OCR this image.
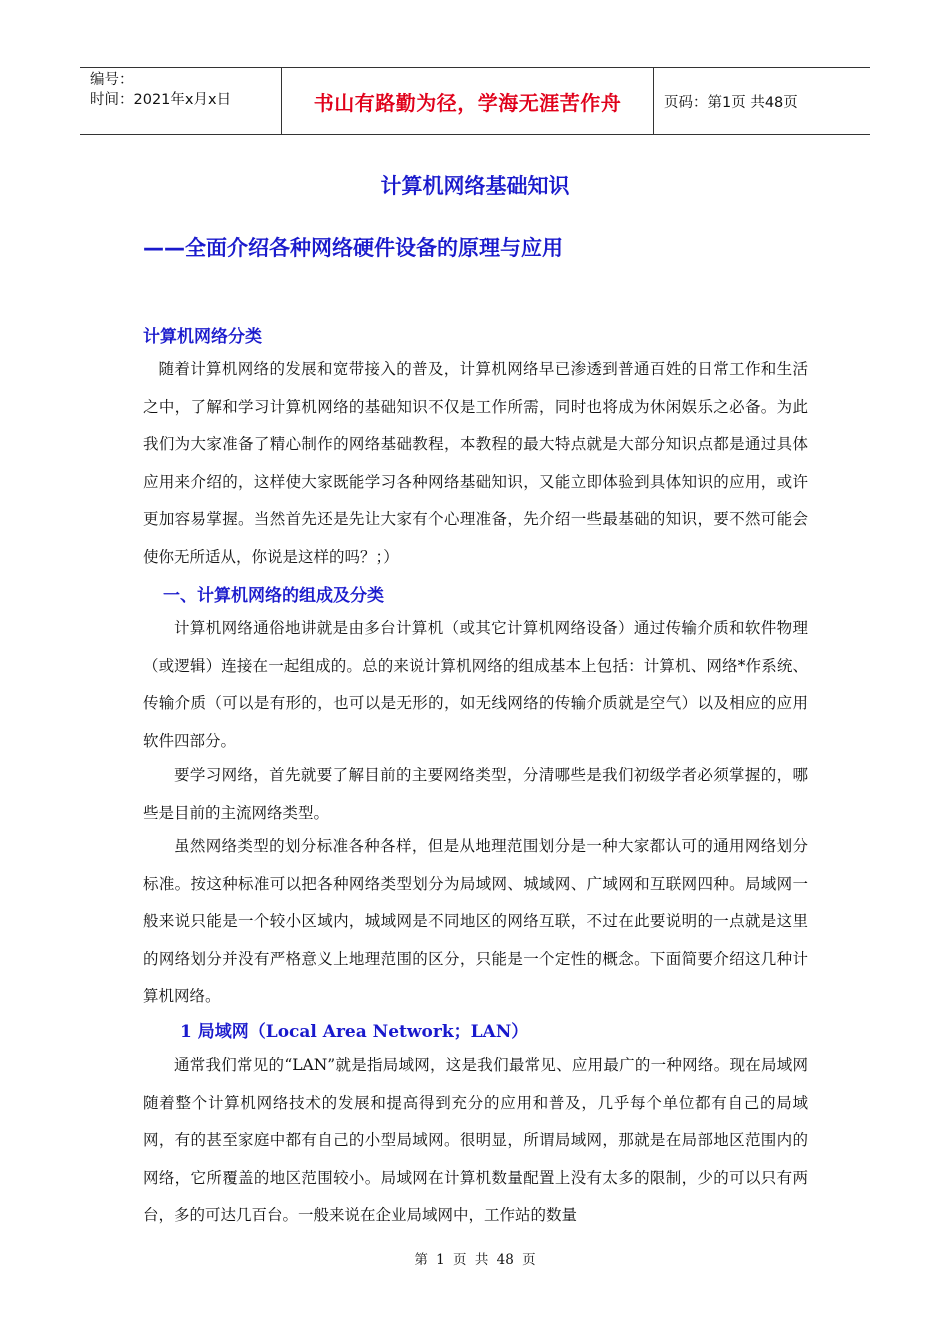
编号：
时间：2021年x月x日	书山有路勤为径，学海无涯苦作舟	页码：第1页 共48页
计算机网络基础知识
——全面介绍各种网络硬件设备的原理与应用
计算机网络分类

随着计算机网络的发展和宽带接入的普及，计算机网络早已渗透到普通百姓的日常工作和生活之中，了解和学习计算机网络的基础知识不仅是工作所需，同时也将成为休闲娱乐之必备。为此我们为大家准备了精心制作的网络基础教程，本教程的最大特点就是大部分知识点都是通过具体应用来介绍的，这样使大家既能学习各种网络基础知识，又能立即体验到具体知识的应用，或许更加容易掌握。当然首先还是先让大家有个心理准备，先介绍一些最基础的知识，要不然可能会使你无所适从，你说是这样的吗？；）

一、计算机网络的组成及分类

计算机网络通俗地讲就是由多台计算机（或其它计算机网络设备）通过传输介质和软件物理（或逻辑）连接在一起组成的。总的来说计算机网络的组成基本上包括：计算机、网络*作系统、传输介质（可以是有形的，也可以是无形的，如无线网络的传输介质就是空气）以及相应的应用软件四部分。

要学习网络，首先就要了解目前的主要网络类型，分清哪些是我们初级学者必须掌握的，哪些是目前的主流网络类型。

虽然网络类型的划分标准各种各样，但是从地理范围划分是一种大家都认可的通用网络划分标准。按这种标准可以把各种网络类型划分为局域网、城域网、广域网和互联网四种。局域网一般来说只能是一个较小区域内，城域网是不同地区的网络互联，不过在此要说明的一点就是这里的网络划分并没有严格意义上地理范围的区分，只能是一个定性的概念。下面简要介绍这几种计算机网络。

1 局域网（Local Area Network；LAN）

通常我们常见的“LAN”就是指局域网，这是我们最常见、应用最广的一种网络。现在局域网随着整个计算机网络技术的发展和提高得到充分的应用和普及，几乎每个单位都有自己的局域网，有的甚至家庭中都有自己的小型局域网。很明显，所谓局域网，那就是在局部地区范围内的网络，它所覆盖的地区范围较小。局域网在计算机数量配置上没有太多的限制，少的可以只有两台，多的可达几百台。一般来说在企业局域网中，工作站的数量

第 1 页 共 48 页
